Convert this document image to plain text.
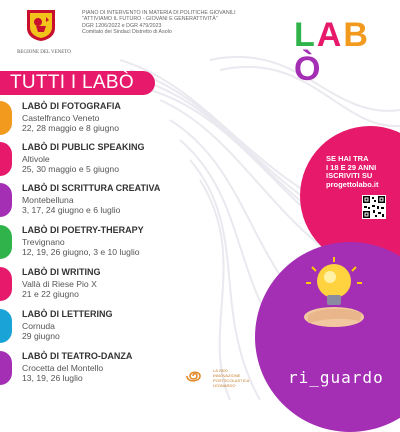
REGIONE DEL VENETO
PIANO DI INTERVENTO IN MATERIA DI POLITICHE GIOVANILI
"ATTIVIAMO IL FUTURO - GIOVANI E GENERATTIVITÀ"
DGR 1206/2022 e DGR 479/2023
Comitato dei Sindaci Distretto di Asolo	LABÒ
TUTTI I LABÒ
LABÒ DI FOTOGRAFIA
Castelfranco Veneto
22, 28 maggio e 8 giugno
LABÒ DI PUBLIC SPEAKING
Altivole
25, 30 maggio e 5 giugno
LABÒ DI SCRITTURA CREATIVA
Montebelluna
3, 17, 24 giugno e 6 luglio
LABÒ DI POETRY-THERAPY
Trevignano
12, 19, 26 giugno, 3 e 10 luglio
LABÒ DI WRITING
Vallà di Riese Pio X
21 e 22 giugno
LABÒ DI LETTERING
Cornuda
29 giugno
LABÒ DI TEATRO-DANZA
Crocetta del Montello
13, 19, 26 luglio
SE HAI TRA
I 18 E 29 ANNI
ISCRIVITI SU
progettolabo.it
ri_guardo
LA 2500
INNOVAZIONE
POSTSCOLASTICA
LEONARDO
